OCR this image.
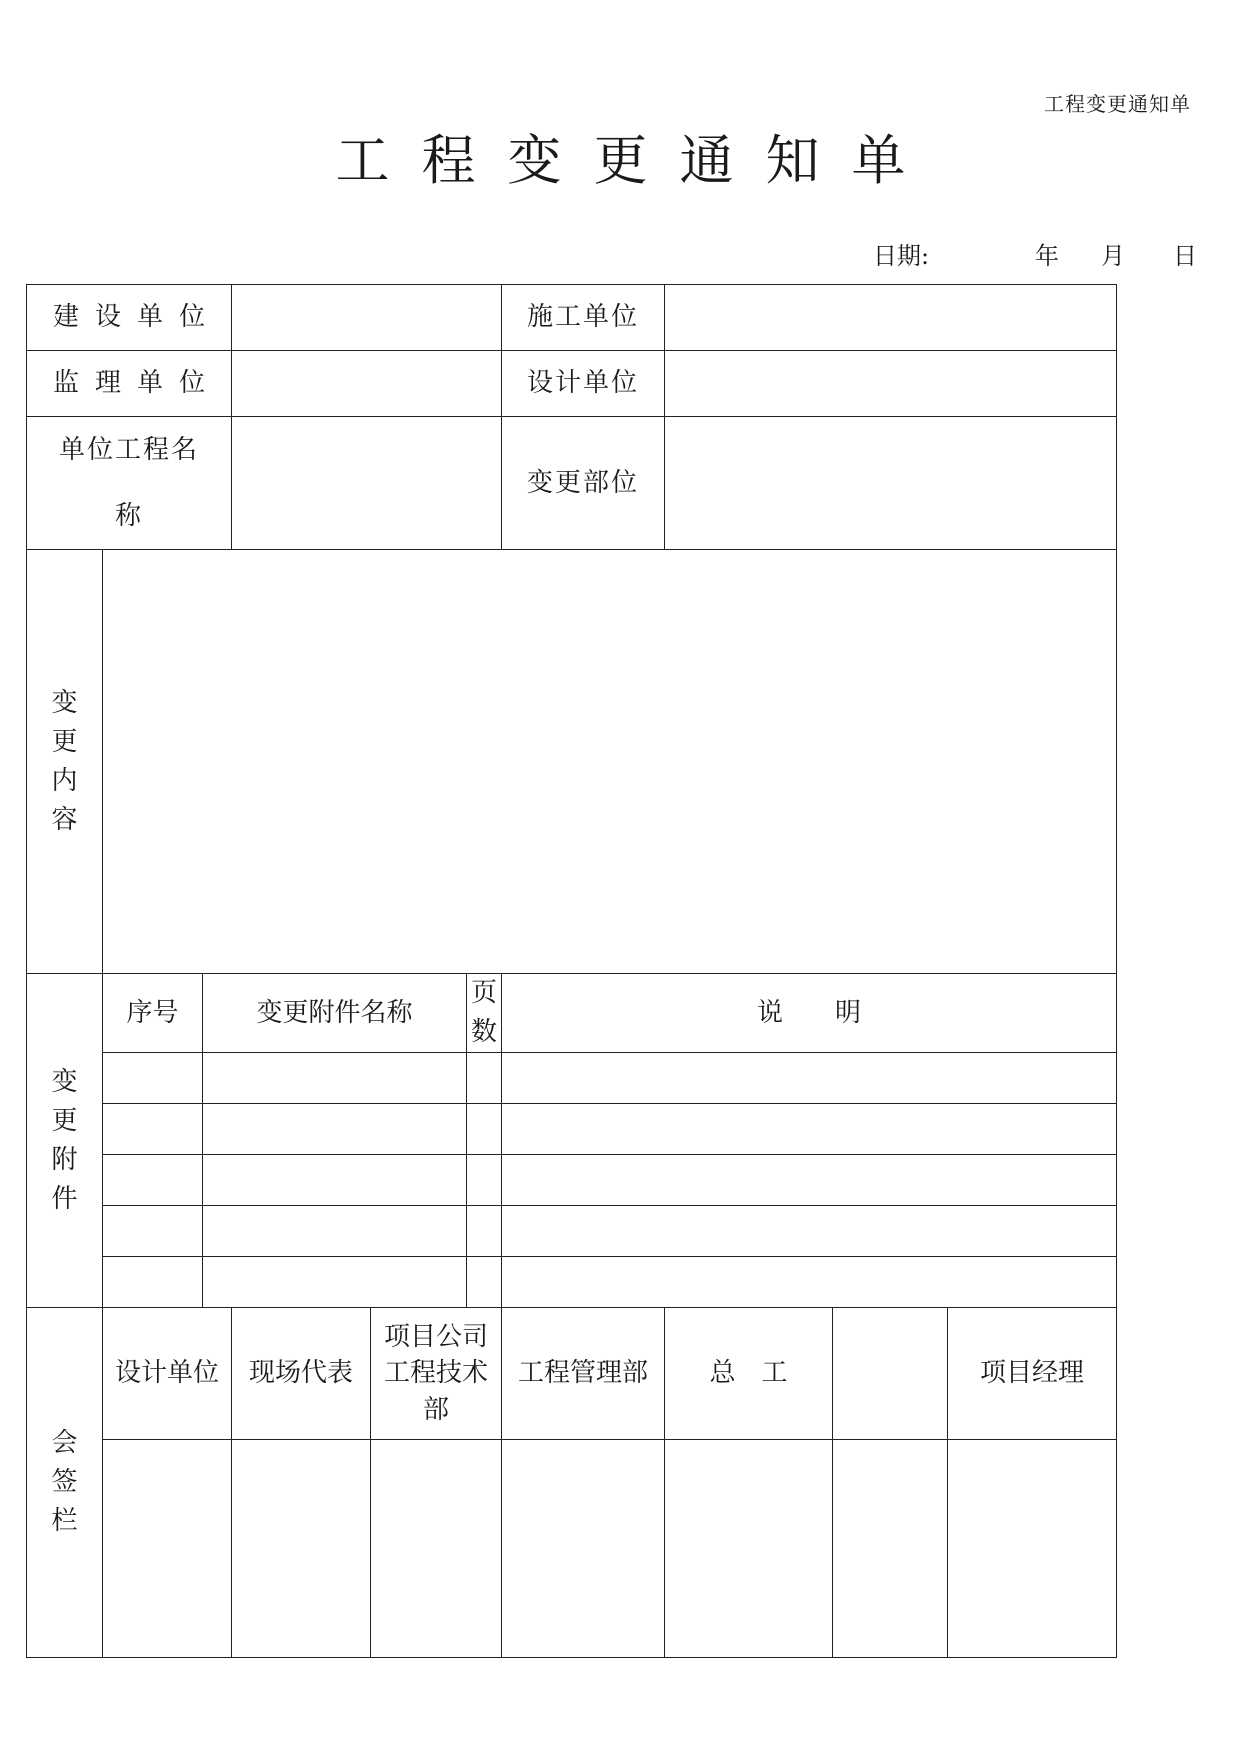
工程变更通知单
工程变更通知单
日期:	年 月 日
建设单位						施工单位			
监理单位						设计单位			

单位工程名
称						变更部位			

变
更
内
容									

变
更
附
件	序号	变更附件名称			页数	说　　明			

会
签
栏	设计单位		现场代表	项目公司工程技术部		工程管理部	总　工		项目经理
